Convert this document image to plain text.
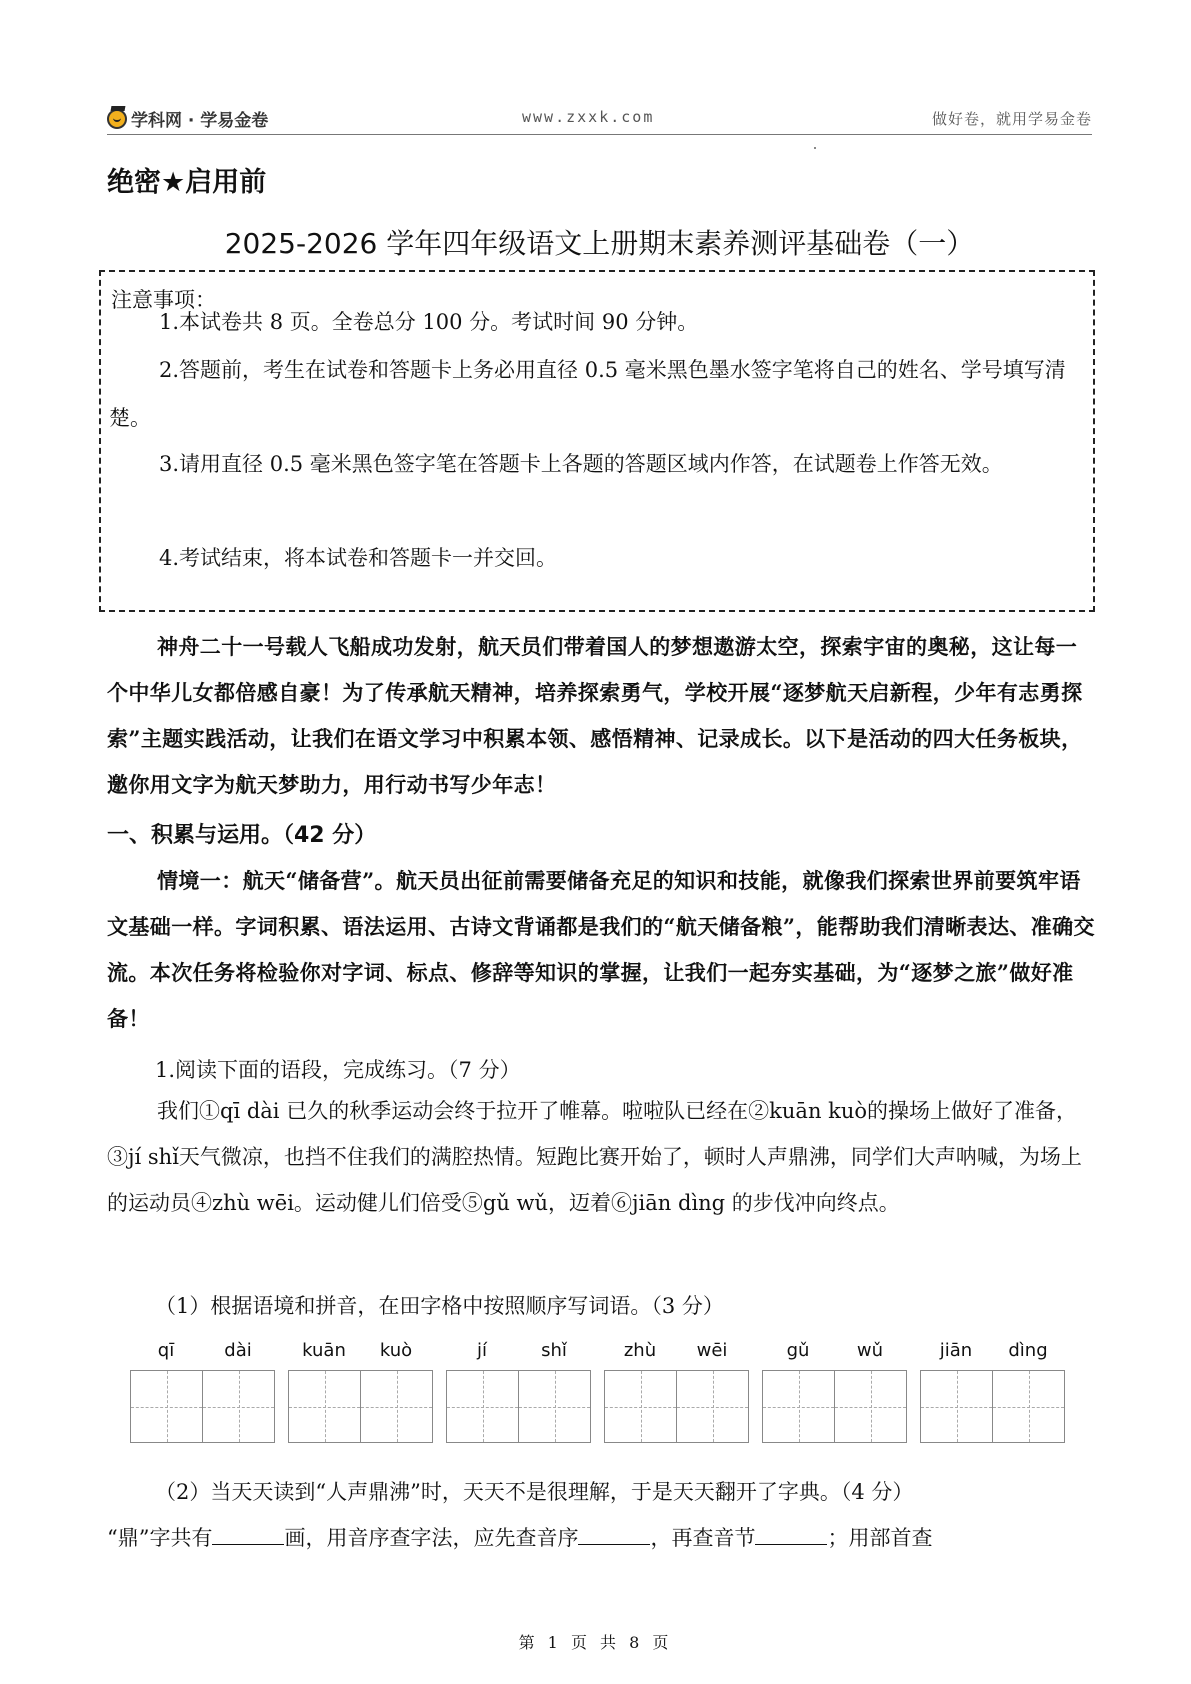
学科网 · 学易金卷	www.zxxk.com	做好卷，就用学易金卷
绝密★启用前
2025-2026 学年四年级语文上册期末素养测评基础卷（一）
注意事项：
1.本试卷共 8 页。全卷总分 100 分。考试时间 90 分钟。
2.答题前，考生在试卷和答题卡上务必用直径 0.5 毫米黑色墨水签字笔将自己的姓名、学号填写清楚。
3.请用直径 0.5 毫米黑色签字笔在答题卡上各题的答题区域内作答，在试题卷上作答无效。
4.考试结束，将本试卷和答题卡一并交回。
神舟二十一号载人飞船成功发射，航天员们带着国人的梦想遨游太空，探索宇宙的奥秘，这让每一个中华儿女都倍感自豪！为了传承航天精神，培养探索勇气，学校开展“逐梦航天启新程，少年有志勇探索”主题实践活动，让我们在语文学习中积累本领、感悟精神、记录成长。以下是活动的四大任务板块，邀你用文字为航天梦助力，用行动书写少年志！
一、积累与运用。（42 分）
情境一：航天“储备营”。航天员出征前需要储备充足的知识和技能，就像我们探索世界前要筑牢语文基础一样。字词积累、语法运用、古诗文背诵都是我们的“航天储备粮”，能帮助我们清晰表达、准确交流。本次任务将检验你对字词、标点、修辞等知识的掌握，让我们一起夯实基础，为“逐梦之旅”做好准备！
1.阅读下面的语段，完成练习。（7 分）
我们①qī dài 已久的秋季运动会终于拉开了帷幕。啦啦队已经在②kuān kuò的操场上做好了准备，③jí shǐ天气微凉，也挡不住我们的满腔热情。短跑比赛开始了，顿时人声鼎沸，同学们大声呐喊，为场上的运动员④zhù wēi。运动健儿们倍受⑤gǔ wǔ，迈着⑥jiān dìng 的步伐冲向终点。
（1）根据语境和拼音，在田字格中按照顺序写词语。（3 分）
qī	dài	kuān	kuò	jí	shǐ	zhù	wēi	gǔ	wǔ	jiān	dìng
（2）当天天读到“人声鼎沸”时，天天不是很理解，于是天天翻开了字典。（4 分）
“鼎”字共有	画，用音序查字法，应先查音序	，再查音节	；用部首查
第 1 页 共 8 页
